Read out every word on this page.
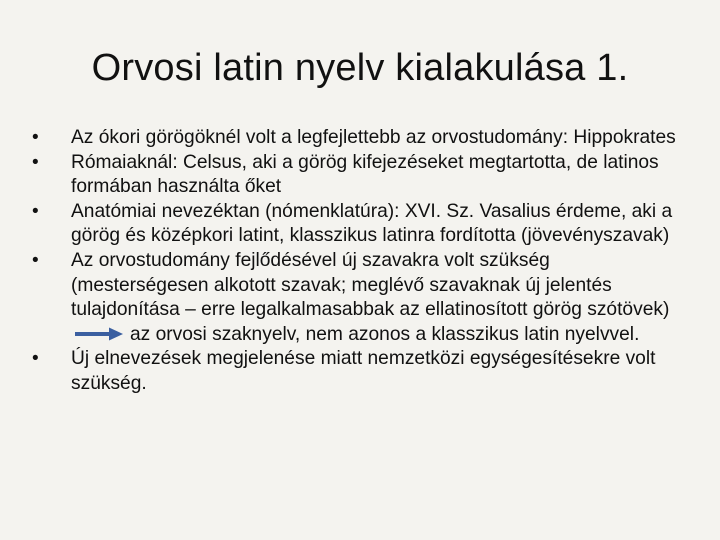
Orvosi latin nyelv kialakulása 1.
•	Az ókori görögöknél volt a legfejlettebb az orvostudomány: Hippokrates
•	Rómaiaknál: Celsus, aki a görög kifejezéseket megtartotta, de latinos formában használta őket
•	Anatómiai nevezéktan (nómenklatúra): XVI. Sz. Vasalius érdeme, aki a görög és középkori latint, klasszikus latinra fordította (jövevényszavak)
•	Az orvostudomány fejlődésével új szavakra volt szükség (mesterségesen alkotott szavak; meglévő szavaknak új jelentés tulajdonítása – erre legalkalmasabbak az ellatinosított görög szótövek)
az orvosi szaknyelv, nem azonos a klasszikus latin nyelvvel.
•	Új elnevezések megjelenése miatt nemzetközi egységesítésekre volt szükség.
